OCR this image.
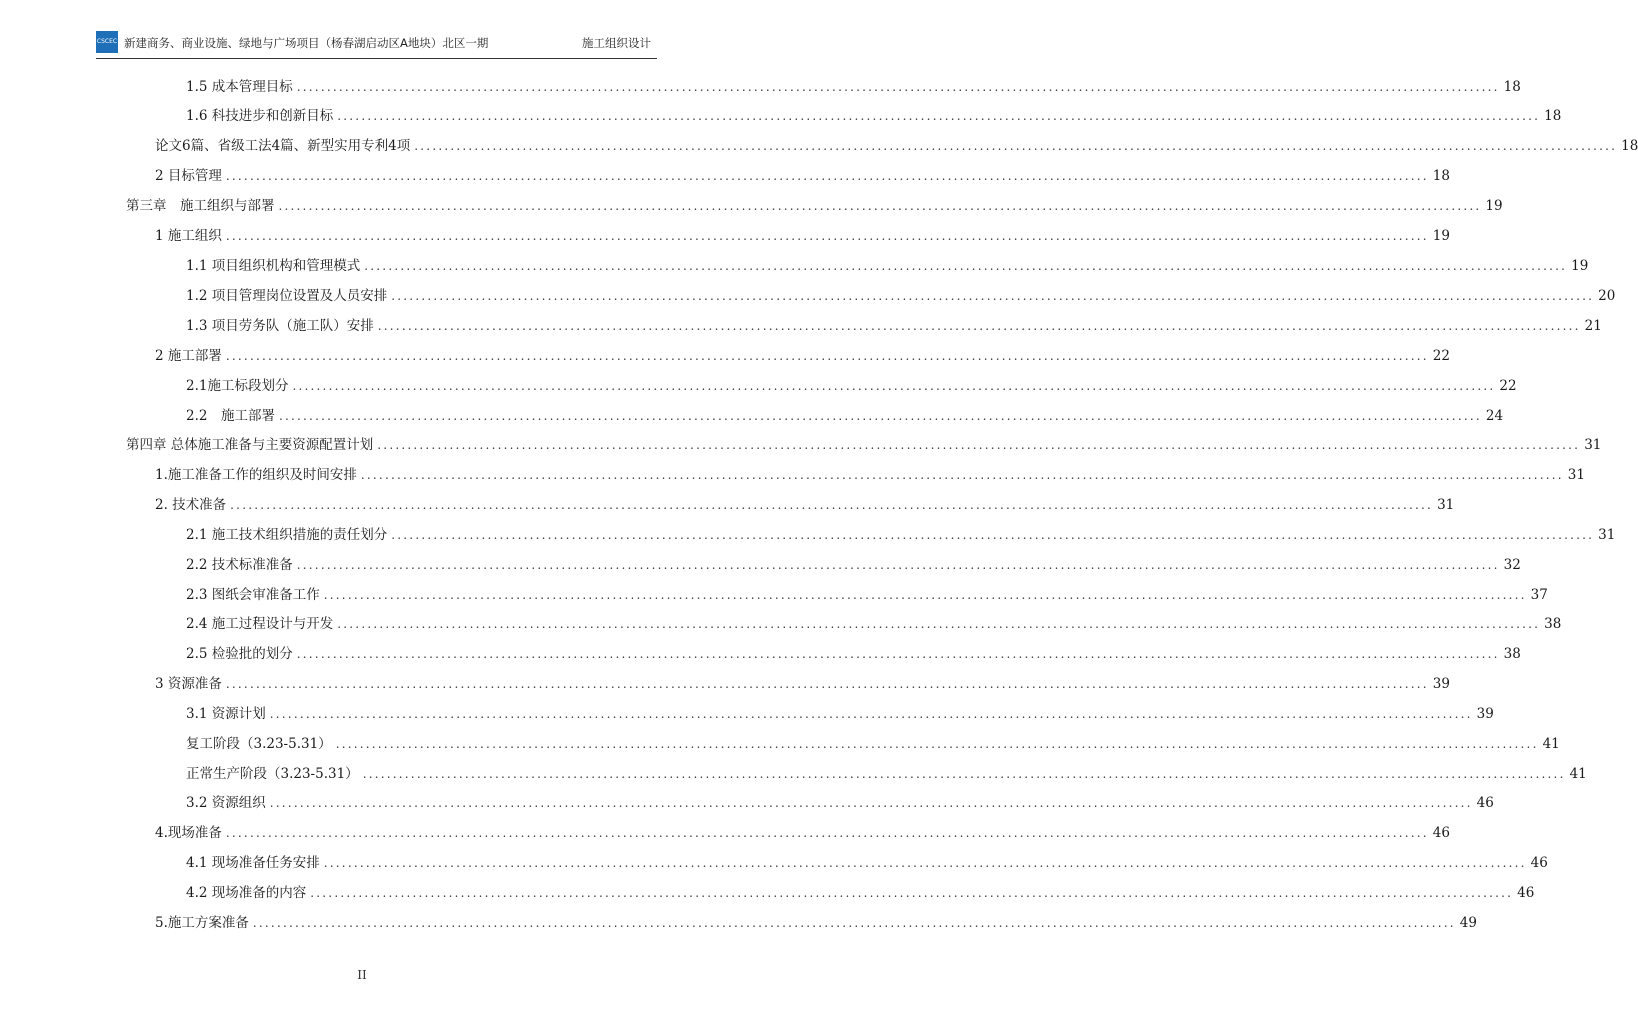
CSCEC 新建商务、商业设施、绿地与广场项目（杨春湖启动区A地块）北区一期	施工组织设计
1.5 成本管理目标 ........................................................................................................................................................................................................ 18
1.6 科技进步和创新目标 ........................................................................................................................................................................................................ 18
论文6篇、省级工法4篇、新型实用专利4项 ........................................................................................................................................................................................................ 18
2 目标管理 ........................................................................................................................................................................................................ 18
第三章　施工组织与部署 ........................................................................................................................................................................................................ 19
1 施工组织 ........................................................................................................................................................................................................ 19
1.1 项目组织机构和管理模式 ........................................................................................................................................................................................................ 19
1.2 项目管理岗位设置及人员安排 ........................................................................................................................................................................................................ 20
1.3 项目劳务队（施工队）安排 ........................................................................................................................................................................................................ 21
2 施工部署 ........................................................................................................................................................................................................ 22
2.1施工标段划分 ........................................................................................................................................................................................................ 22
2.2　施工部署 ........................................................................................................................................................................................................ 24
第四章 总体施工准备与主要资源配置计划 ........................................................................................................................................................................................................ 31
1.施工准备工作的组织及时间安排 ........................................................................................................................................................................................................ 31
2. 技术准备 ........................................................................................................................................................................................................ 31
2.1 施工技术组织措施的责任划分 ........................................................................................................................................................................................................ 31
2.2 技术标准准备 ........................................................................................................................................................................................................ 32
2.3 图纸会审准备工作 ........................................................................................................................................................................................................ 37
2.4 施工过程设计与开发 ........................................................................................................................................................................................................ 38
2.5 检验批的划分 ........................................................................................................................................................................................................ 38
3 资源准备 ........................................................................................................................................................................................................ 39
3.1 资源计划 ........................................................................................................................................................................................................ 39
复工阶段（3.23-5.31） ........................................................................................................................................................................................................ 41
正常生产阶段（3.23-5.31） ........................................................................................................................................................................................................ 41
3.2 资源组织 ........................................................................................................................................................................................................ 46
4.现场准备 ........................................................................................................................................................................................................ 46
4.1 现场准备任务安排 ........................................................................................................................................................................................................ 46
4.2 现场准备的内容 ........................................................................................................................................................................................................ 46
5.施工方案准备 ........................................................................................................................................................................................................ 49
II
